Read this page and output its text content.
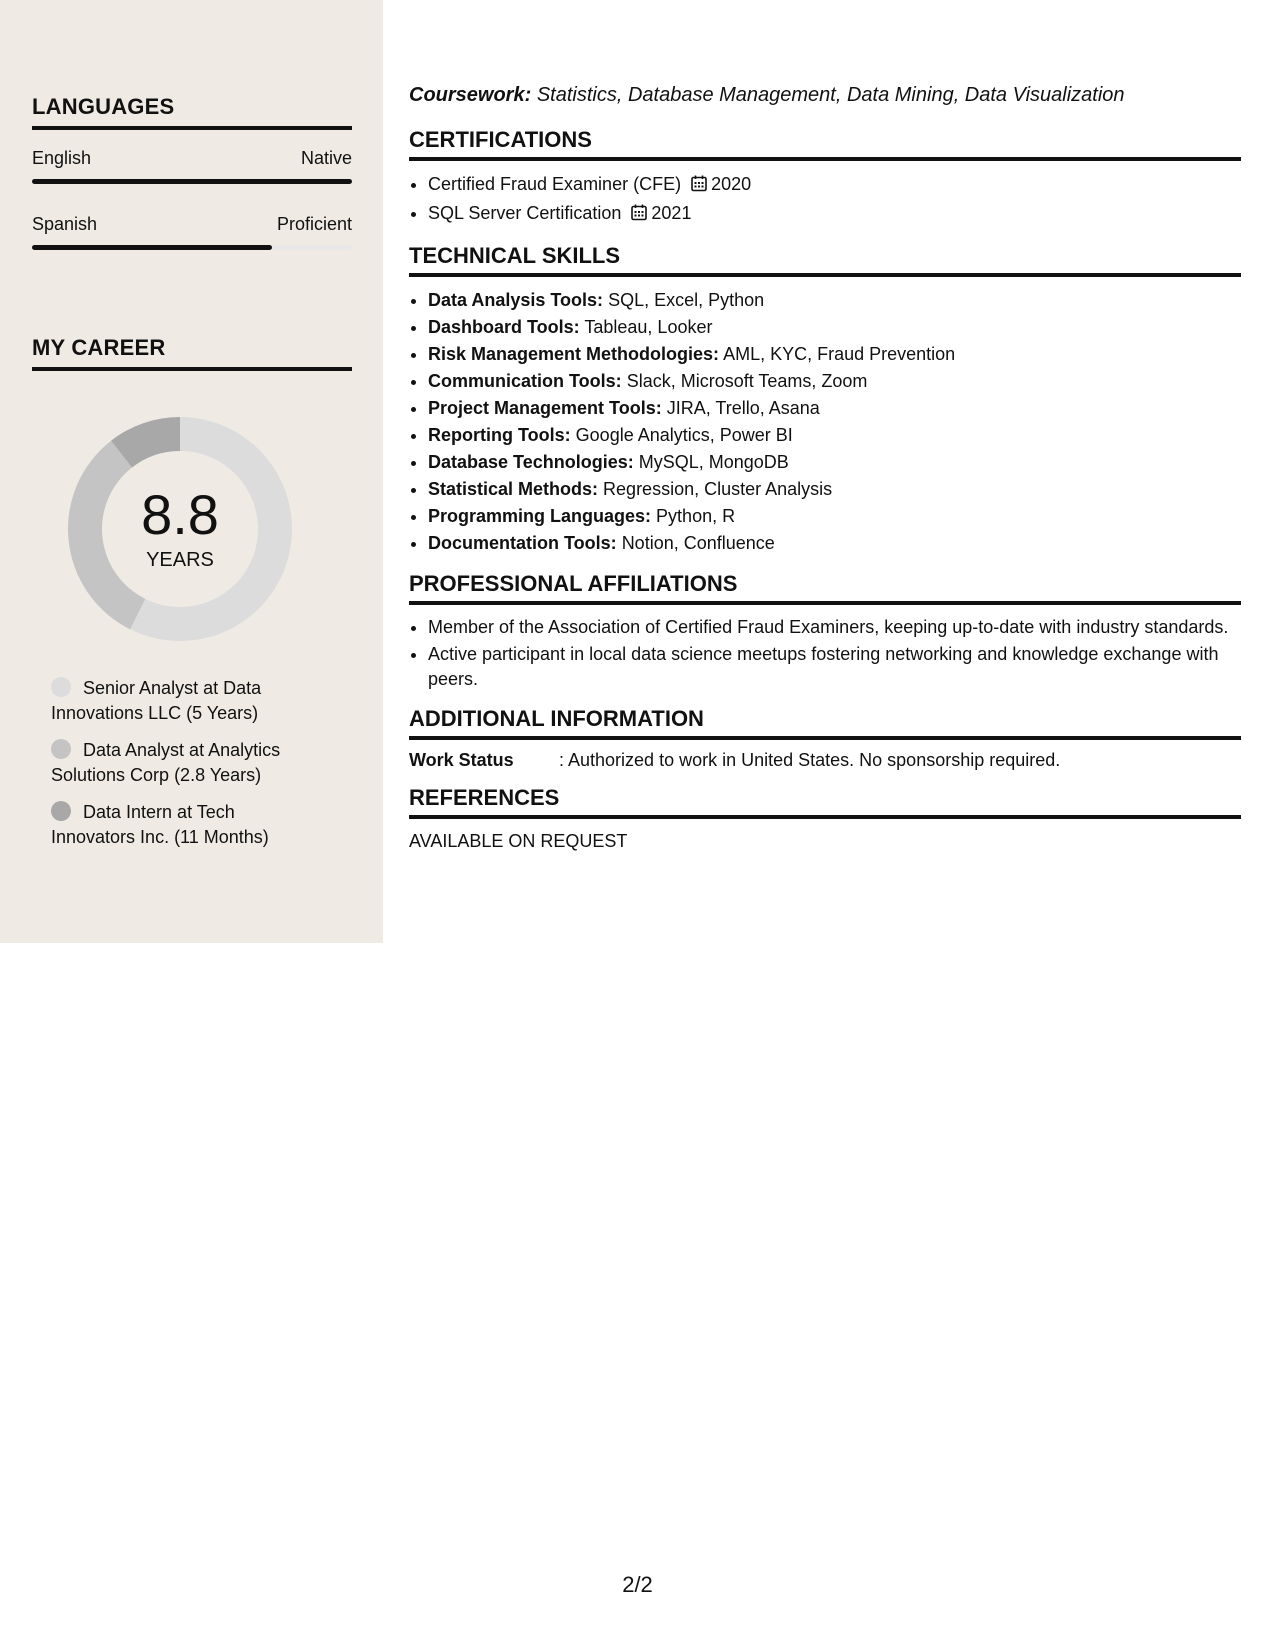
LANGUAGES
English	Native
Spanish	Proficient
MY CAREER
8.8
YEARS
Senior Analyst at Data Innovations LLC (5 Years)
Data Analyst at Analytics Solutions Corp (2.8 Years)
Data Intern at Tech Innovators Inc. (11 Months)

Coursework: Statistics, Database Management, Data Mining, Data Visualization

CERTIFICATIONS
• Certified Fraud Examiner (CFE) 2020
• SQL Server Certification 2021
TECHNICAL SKILLS
• Data Analysis Tools: SQL, Excel, Python
• Dashboard Tools: Tableau, Looker
• Risk Management Methodologies: AML, KYC, Fraud Prevention
• Communication Tools: Slack, Microsoft Teams, Zoom
• Project Management Tools: JIRA, Trello, Asana
• Reporting Tools: Google Analytics, Power BI
• Database Technologies: MySQL, MongoDB
• Statistical Methods: Regression, Cluster Analysis
• Programming Languages: Python, R
• Documentation Tools: Notion, Confluence
PROFESSIONAL AFFILIATIONS
• Member of the Association of Certified Fraud Examiners, keeping up-to-date with industry standards.
• Active participant in local data science meetups fostering networking and knowledge exchange with peers.
ADDITIONAL INFORMATION
Work Status	: Authorized to work in United States. No sponsorship required.
REFERENCES
AVAILABLE ON REQUEST
2/2
